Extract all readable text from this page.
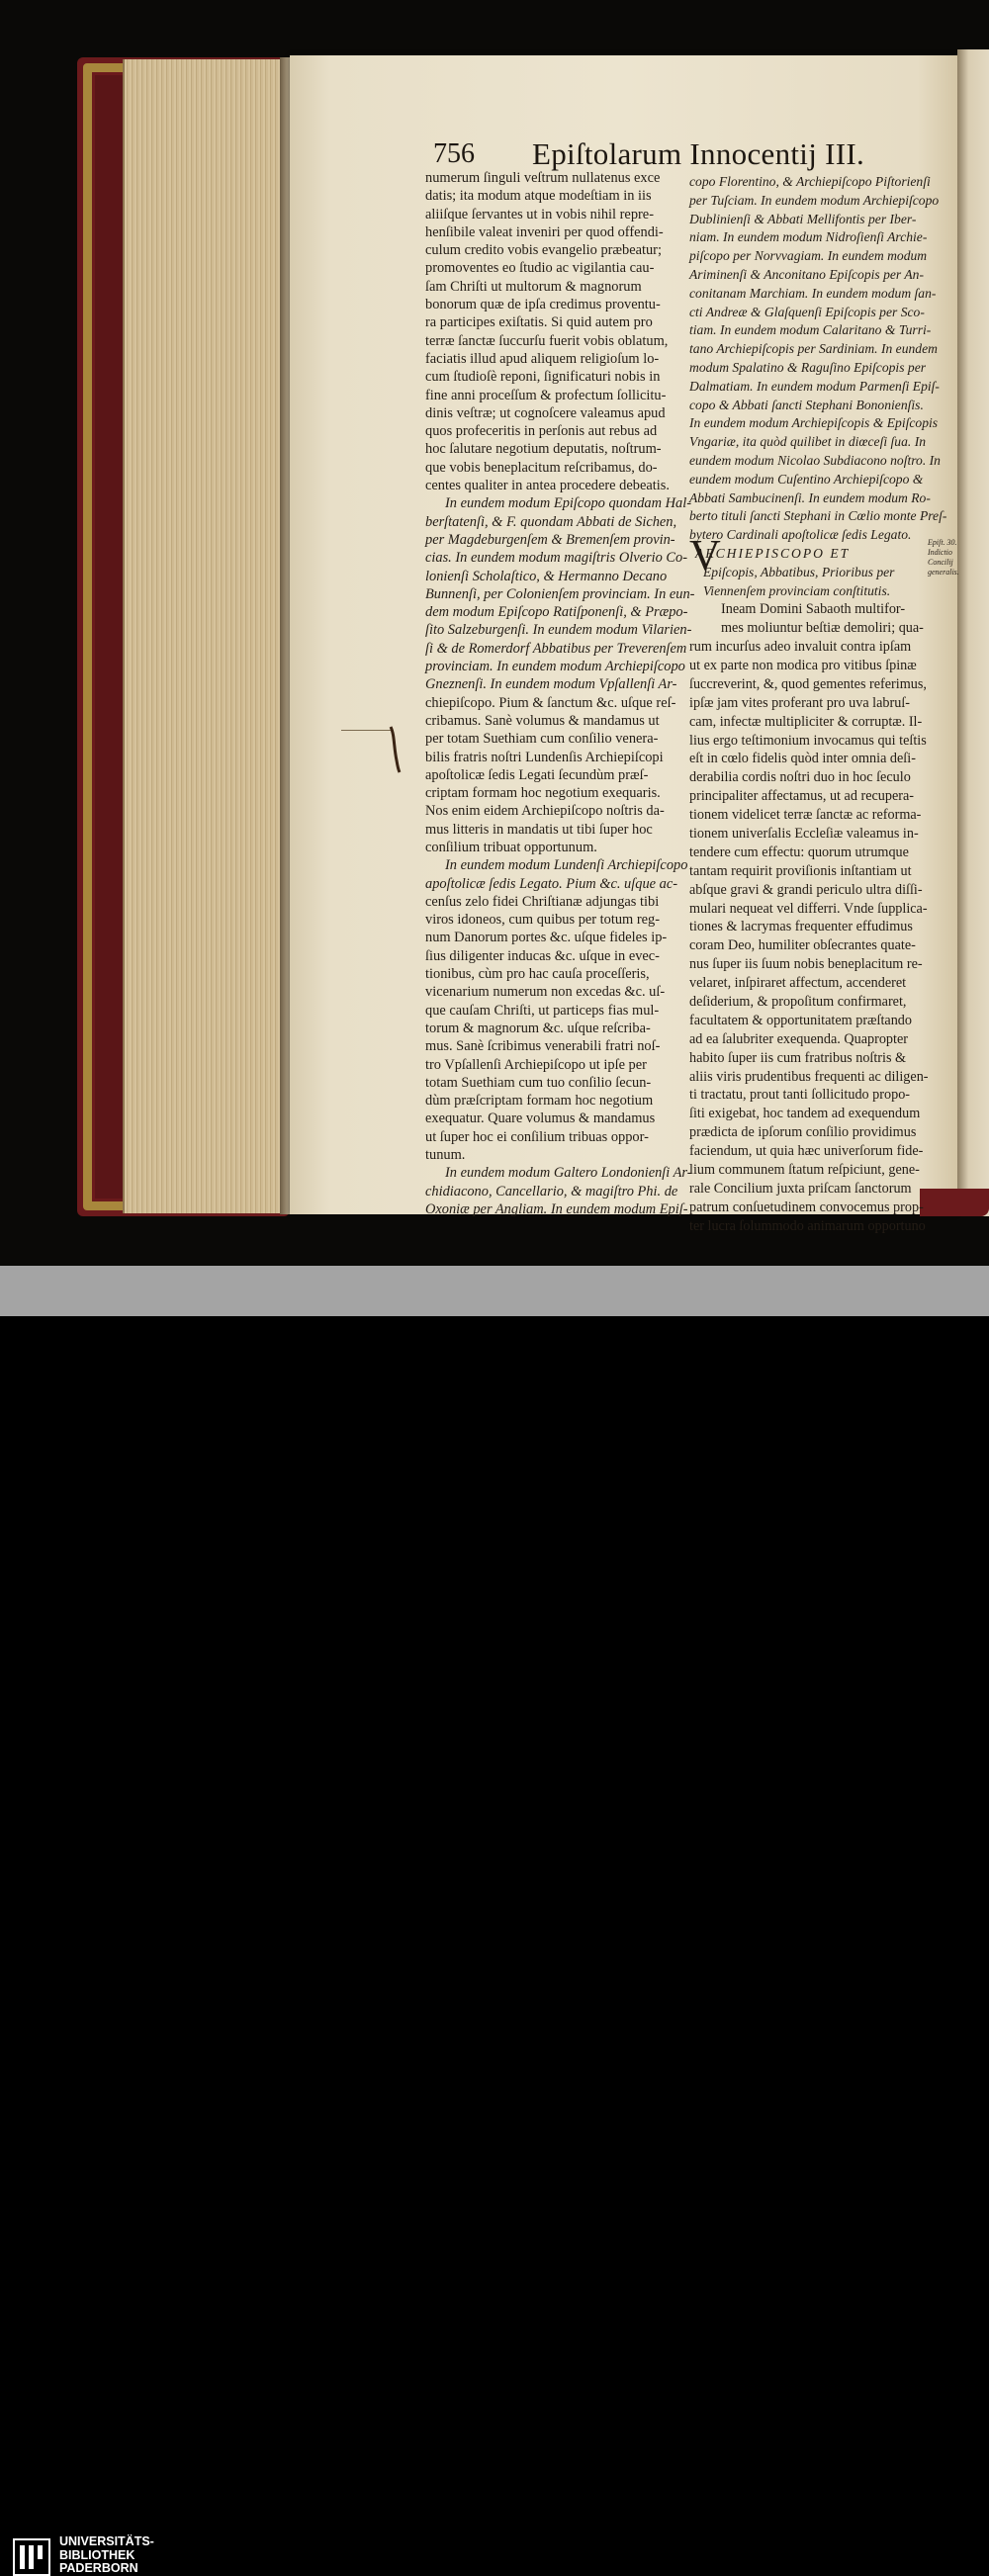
756 Epiſtolarum Innocentij III.
numerum ſinguli veſtrum nullatenus exce
datis; ita modum atque modeſtiam in iis
aliiſque ſervantes ut in vobis nihil repre-
henſibile valeat inveniri per quod offendi-
culum credito vobis evangelio præbeatur;
promoventes eo ſtudio ac vigilantia cau-
ſam Chriſti ut multorum & magnorum
bonorum quæ de ipſa credimus proventu-
ra participes exiſtatis. Si quid autem pro
terræ ſanctæ ſuccurſu fuerit vobis oblatum,
faciatis illud apud aliquem religioſum lo-
cum ſtudioſè reponi, ſignificaturi nobis in
fine anni proceſſum & profectum ſollicitu-
dinis veſtræ; ut cognoſcere valeamus apud
quos profeceritis in perſonis aut rebus ad
hoc ſalutare negotium deputatis, noſtrum-
que vobis beneplacitum reſcribamus, do-
centes qualiter in antea procedere debeatis.
In eundem modum Epiſcopo quondam Hal-
berſtatenſi, & F. quondam Abbati de Sichen,
per Magdeburgenſem & Bremenſem provin-
cias. In eundem modum magiſtris Olverio Co-
lonienſi Scholaſtico, & Hermanno Decano
Bunnenſi, per Colonienſem provinciam. In eun-
dem modum Epiſcopo Ratiſponenſi, & Præpo-
ſito Salzeburgenſi. In eundem modum Vilarien-
ſi & de Romerdorf Abbatibus per Treverenſem
provinciam. In eundem modum Archiepiſcopo
Gneznenſi. In eundem modum Vpſallenſi Ar-
chiepiſcopo. Pium & ſanctum &c. uſque reſ-
cribamus. Sanè volumus & mandamus ut
per totam Suethiam cum conſilio venera-
bilis fratris noſtri Lundenſis Archiepiſcopi
apoſtolicæ ſedis Legati ſecundùm præſ-
criptam formam hoc negotium exequaris.
Nos enim eidem Archiepiſcopo noſtris da-
mus litteris in mandatis ut tibi ſuper hoc
conſilium tribuat opportunum.
In eundem modum Lundenſi Archiepiſcopo
apoſtolicæ ſedis Legato. Pium &c. uſque ac-
cenſus zelo fidei Chriſtianæ adjungas tibi
viros idoneos, cum quibus per totum reg-
num Danorum portes &c. uſque fideles ip-
ſius diligenter inducas &c. uſque in evec-
tionibus, cùm pro hac cauſa proceſſeris,
vicenarium numerum non excedas &c. uſ-
que cauſam Chriſti, ut particeps fias mul-
torum & magnorum &c. uſque reſcriba-
mus. Sanè ſcribimus venerabili fratri noſ-
tro Vpſallenſi Archiepiſcopo ut ipſe per
totam Suethiam cum tuo conſilio ſecun-
dùm præſcriptam formam hoc negotium
exequatur. Quare volumus & mandamus
ut ſuper hoc ei conſilium tribuas oppor-
tunum.
In eundem modum Galtero Londonienſi Ar-
chidiacono, Cancellario, & magiſtro Phi. de
Oxoniæ per Angliam. In eundem modum Epiſ-
copo Florentino, & Archiepiſcopo Piſtorienſi
per Tuſciam. In eundem modum Archiepiſcopo
Dublinienſi & Abbati Mellifontis per Iber-
niam. In eundem modum Nidroſienſi Archie-
piſcopo per Norvvagiam. In eundem modum
Ariminenſi & Anconitano Epiſcopis per An-
conitanam Marchiam. In eundem modum ſan-
cti Andreæ & Glaſquenſi Epiſcopis per Sco-
tiam. In eundem modum Calaritano & Turri-
tano Archiepiſcopis per Sardiniam. In eundem
modum Spalatino & Raguſino Epiſcopis per
Dalmatiam. In eundem modum Parmenſi Epiſ-
copo & Abbati ſancti Stephani Bononienſis.
In eundem modum Archiepiſcopis & Epiſcopis
Vngariæ, ita quòd quilibet in diœceſi ſua. In
eundem modum Nicolao Subdiacono noſtro. In
eundem modum Cuſentino Archiepiſcopo &
Abbati Sambucinenſi. In eundem modum Ro-
berto tituli ſancti Stephani in Cœlio monte Preſ-
bytero Cardinali apoſtolicæ ſedis Legato.
ARCHIEPISCOPO ET
Epiſcopis, Abbatibus, Prioribus per
Viennenſem provinciam conſtitutis.
Ineam Domini Sabaoth multifor-
mes moliuntur beſtiæ demoliri; qua-
rum incurſus adeo invaluit contra ipſam
ut ex parte non modica pro vitibus ſpinæ
ſuccreverint, &, quod gementes referimus,
ipſæ jam vites proferant pro uva labruſ-
cam, infectæ multipliciter & corruptæ. Il-
lius ergo teſtimonium invocamus qui teſtis
eſt in cœlo fidelis quòd inter omnia deſi-
derabilia cordis noſtri duo in hoc ſeculo
principaliter affectamus, ut ad recupera-
tionem videlicet terræ ſanctæ ac reforma-
tionem univerſalis Eccleſiæ valeamus in-
tendere cum effectu: quorum utrumque
tantam requirit proviſionis inſtantiam ut
abſque gravi & grandi periculo ultra diſſi-
mulari nequeat vel differri. Vnde ſupplica-
tiones & lacrymas frequenter effudimus
coram Deo, humiliter obſecrantes quate-
nus ſuper iis ſuum nobis beneplacitum re-
velaret, inſpiraret affectum, accenderet
deſiderium, & propoſitum confirmaret,
facultatem & opportunitatem præſtando
ad ea ſalubriter exequenda. Quapropter
habito ſuper iis cum fratribus noſtris &
aliis viris prudentibus frequenti ac diligen-
ti tractatu, prout tanti ſollicitudo propo-
ſiti exigebat, hoc tandem ad exequendum
prædicta de ipſorum conſilio providimus
faciendum, ut quia hæc univerſorum fide-
lium communem ſtatum reſpiciunt, gene-
rale Concilium juxta priſcam ſanctorum
patrum conſuetudinem convocemus prop-
ter lucra ſolummodo animarum opportuno
V	Epiſt. 30. Indictio Concilij generalis.
UNIVERSITÄTS-
BIBLIOTHEK
PADERBORN
